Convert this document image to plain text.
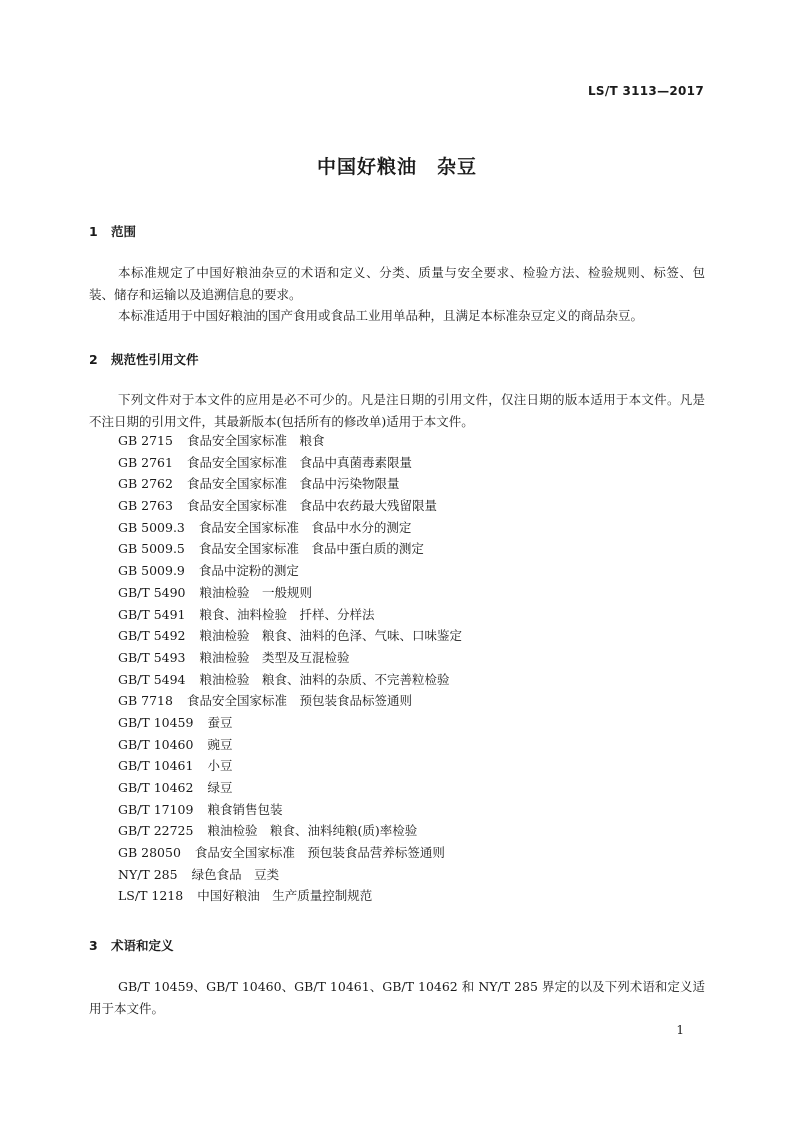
LS/T 3113—2017
中国好粮油　杂豆
1 范围

本标准规定了中国好粮油杂豆的术语和定义、分类、质量与安全要求、检验方法、检验规则、标签、包装、储存和运输以及追溯信息的要求。

本标准适用于中国好粮油的国产食用或食品工业用单品种，且满足本标准杂豆定义的商品杂豆。

2 规范性引用文件

下列文件对于本文件的应用是必不可少的。凡是注日期的引用文件，仅注日期的版本适用于本文件。凡是不注日期的引用文件，其最新版本(包括所有的修改单)适用于本文件。

GB 2715 食品安全国家标准　粮食
GB 2761 食品安全国家标准　食品中真菌毒素限量
GB 2762 食品安全国家标准　食品中污染物限量
GB 2763 食品安全国家标准　食品中农药最大残留限量
GB 5009.3 食品安全国家标准　食品中水分的测定
GB 5009.5 食品安全国家标准　食品中蛋白质的测定
GB 5009.9 食品中淀粉的测定
GB/T 5490 粮油检验　一般规则
GB/T 5491 粮食、油料检验　扦样、分样法
GB/T 5492 粮油检验　粮食、油料的色泽、气味、口味鉴定
GB/T 5493 粮油检验　类型及互混检验
GB/T 5494 粮油检验　粮食、油料的杂质、不完善粒检验
GB 7718 食品安全国家标准　预包装食品标签通则
GB/T 10459 蚕豆
GB/T 10460 豌豆
GB/T 10461 小豆
GB/T 10462 绿豆
GB/T 17109 粮食销售包装
GB/T 22725 粮油检验　粮食、油料纯粮(质)率检验
GB 28050 食品安全国家标准　预包装食品营养标签通则
NY/T 285 绿色食品　豆类
LS/T 1218 中国好粮油　生产质量控制规范
3 术语和定义

GB/T 10459、GB/T 10460、GB/T 10461、GB/T 10462 和 NY/T 285 界定的以及下列术语和定义适用于本文件。

1
